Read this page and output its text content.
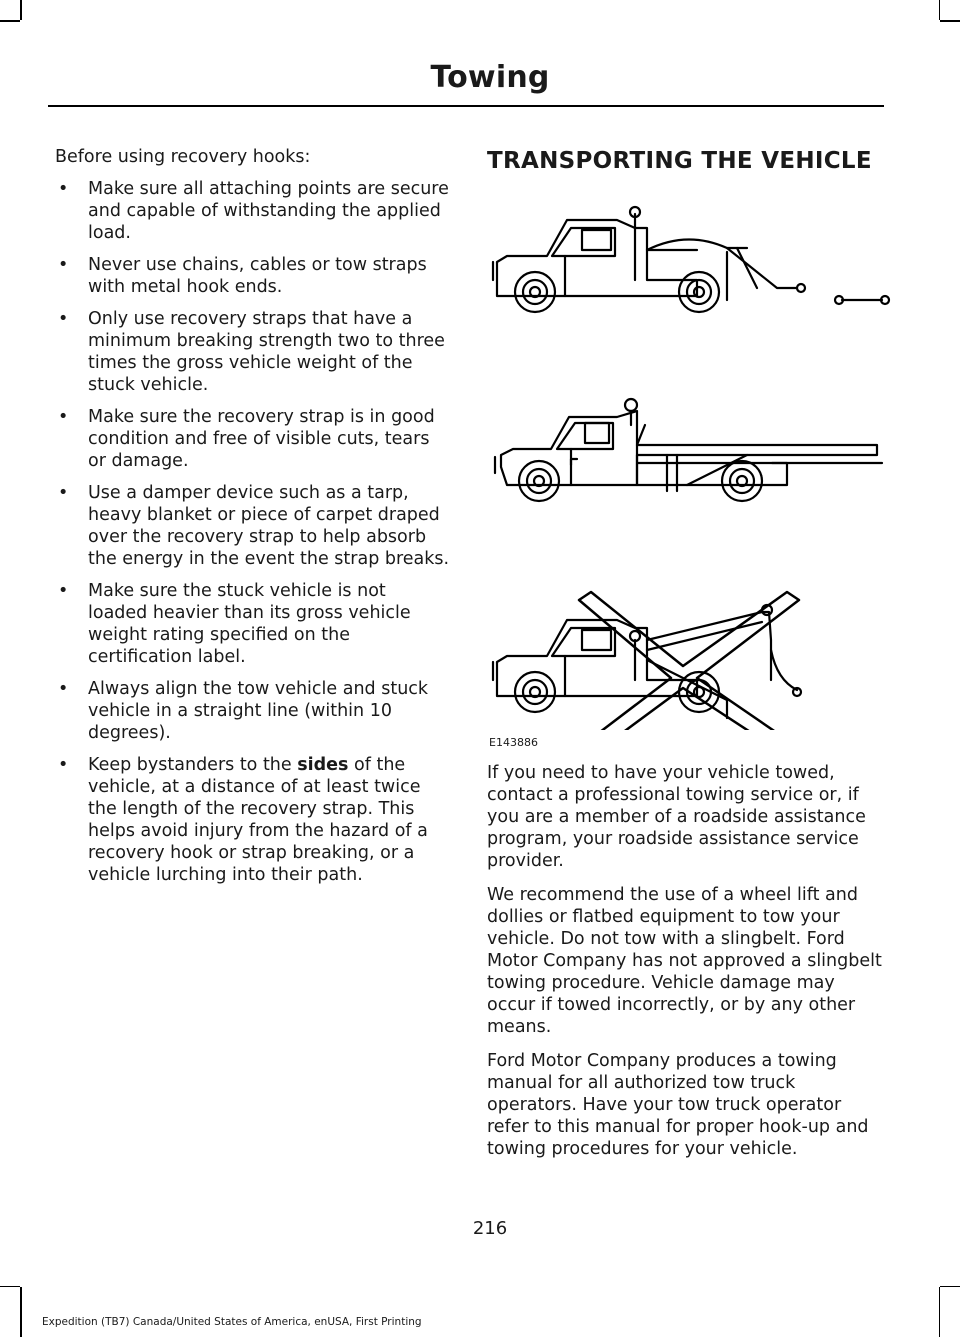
Towing

Before using recovery hooks:

• Make sure all attaching points are secure and capable of withstanding the applied load.
• Never use chains, cables or tow straps with metal hook ends.
• Only use recovery straps that have a minimum breaking strength two to three times the gross vehicle weight of the stuck vehicle.
• Make sure the recovery strap is in good condition and free of visible cuts, tears or damage.
• Use a damper device such as a tarp, heavy blanket or piece of carpet draped over the recovery strap to help absorb the energy in the event the strap breaks.
• Make sure the stuck vehicle is not loaded heavier than its gross vehicle weight rating specified on the certification label.
• Always align the tow vehicle and stuck vehicle in a straight line (within 10 degrees).
• Keep bystanders to the sides of the vehicle, at a distance of at least twice the length of the recovery strap. This helps avoid injury from the hazard of a recovery hook or strap breaking, or a vehicle lurching into their path.
TRANSPORTING THE VEHICLE
E143886

If you need to have your vehicle towed, contact a professional towing service or, if you are a member of a roadside assistance program, your roadside assistance service provider.

We recommend the use of a wheel lift and dollies or flatbed equipment to tow your vehicle. Do not tow with a slingbelt. Ford Motor Company has not approved a slingbelt towing procedure. Vehicle damage may occur if towed incorrectly, or by any other means.

Ford Motor Company produces a towing manual for all authorized tow truck operators. Have your tow truck operator refer to this manual for proper hook-up and towing procedures for your vehicle.

216
Expedition (TB7) Canada/United States of America, enUSA, First Printing
